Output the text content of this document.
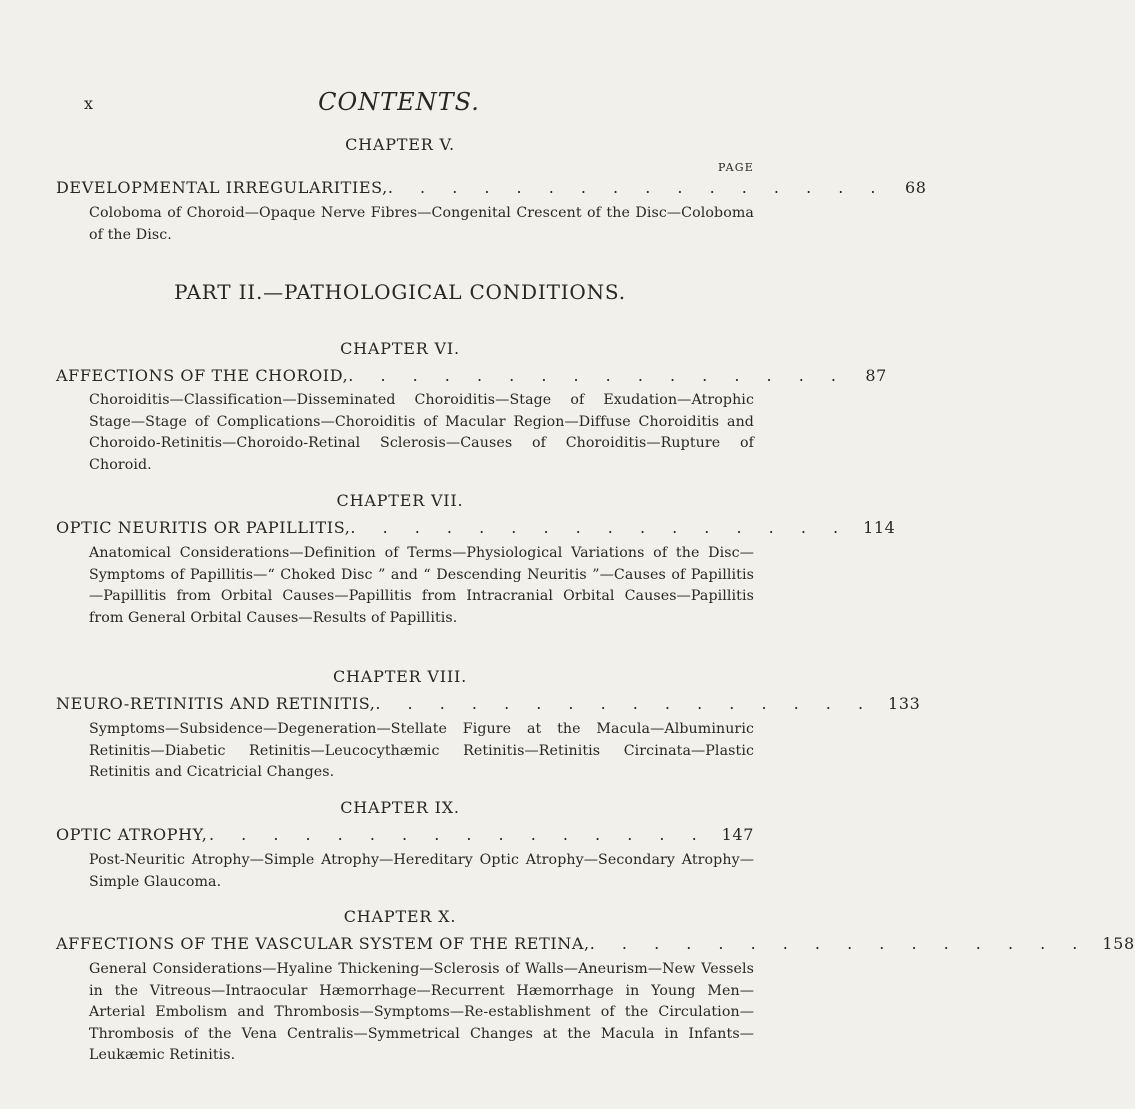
x	CONTENTS.

CHAPTER V.

PAGE
DEVELOPMENTAL IRREGULARITIES, . . . . . . . . . . . . . . . .	68
Coloboma of Choroid—Opaque Nerve Fibres—Congenital Crescent of the Disc—Coloboma of the Disc.
PART II.—PATHOLOGICAL CONDITIONS.

CHAPTER VI.

AFFECTIONS OF THE CHOROID, . . . . . . . . . . . . . . . .	87
Choroiditis—Classification—Disseminated Choroiditis—Stage of Exudation—Atrophic Stage—Stage of Complications—Choroiditis of Macular Region—Diffuse Choroiditis and Choroido-Retinitis—Choroido-Retinal Sclerosis—Causes of Choroiditis—Rupture of Choroid.

CHAPTER VII.

OPTIC NEURITIS OR PAPILLITIS, . . . . . . . . . . . . . . . . 114
Anatomical Considerations—Definition of Terms—Physiological Variations of the Disc—Symptoms of Papillitis—“ Choked Disc ” and “ Descending Neuritis ”—Causes of Papillitis—Papillitis from Orbital Causes—Papillitis from Intracranial Orbital Causes—Papillitis from General Orbital Causes—Results of Papillitis.

CHAPTER VIII.

NEURO-RETINITIS AND RETINITIS, . . . . . . . . . . . . . . . . 133
Symptoms—Subsidence—Degeneration—Stellate Figure at the Macula—Albuminuric Retinitis—Diabetic Retinitis—Leucocythæmic Retinitis—Retinitis Circinata—Plastic Retinitis and Cicatricial Changes.

CHAPTER IX.

OPTIC ATROPHY, . . . . . . . . . . . . . . . . 147
Post-Neuritic Atrophy—Simple Atrophy—Hereditary Optic Atrophy—Secondary Atrophy—Simple Glaucoma.

CHAPTER X.

AFFECTIONS OF THE VASCULAR SYSTEM OF THE RETINA, . . . . . . . . . . . . . . . . 158
General Considerations—Hyaline Thickening—Sclerosis of Walls—Aneurism—New Vessels in the Vitreous—Intraocular Hæmorrhage—Recurrent Hæmorrhage in Young Men—Arterial Embolism and Thrombosis—Symptoms—Re-establishment of the Circulation—Thrombosis of the Vena Centralis—Symmetrical Changes at the Macula in Infants—Leukæmic Retinitis.
